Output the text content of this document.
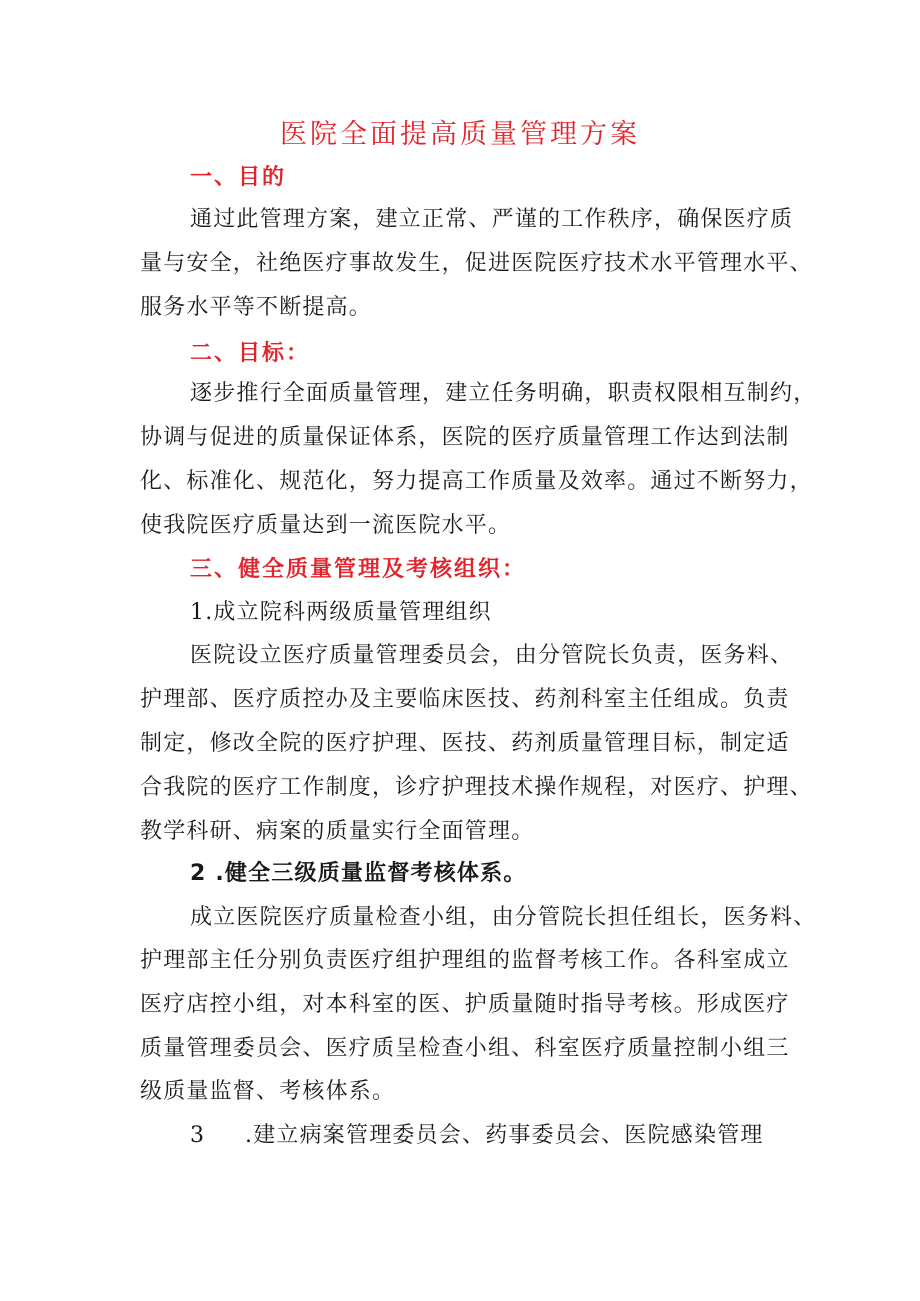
医院全面提高质量管理方案
一、目的
通过此管理方案，建立正常、严谨的工作秩序，确保医疗质
量与安全，社绝医疗事故发生，促进医院医疗技术水平管理水平、
服务水平等不断提高。
二、目标：
逐步推行全面质量管理，建立任务明确，职责权限相互制约，
协调与促进的质量保证体系，医院的医疗质量管理工作达到法制
化、标准化、规范化，努力提高工作质量及效率。通过不断努力，
使我院医疗质量达到一流医院水平。
三、健全质量管理及考核组织：
1.成立院科两级质量管理组织
医院设立医疗质量管理委员会，由分管院长负责，医务料、
护理部、医疗质控办及主要临床医技、药剂科室主任组成。负责
制定，修改全院的医疗护理、医技、药剂质量管理目标，制定适
合我院的医疗工作制度，诊疗护理技术操作规程，对医疗、护理、
教学科研、病案的质量实行全面管理。
2 .健全三级质量监督考核体系。
成立医院医疗质量检查小组，由分管院长担任组长，医务料、
护理部主任分别负责医疗组护理组的监督考核工作。各科室成立
医疗店控小组，对本科室的医、护质量随时指导考核。形成医疗
质量管理委员会、医疗质呈检查小组、科室医疗质量控制小组三
级质量监督、考核体系。
3 .建立病案管理委员会、药事委员会、医院感染管理
